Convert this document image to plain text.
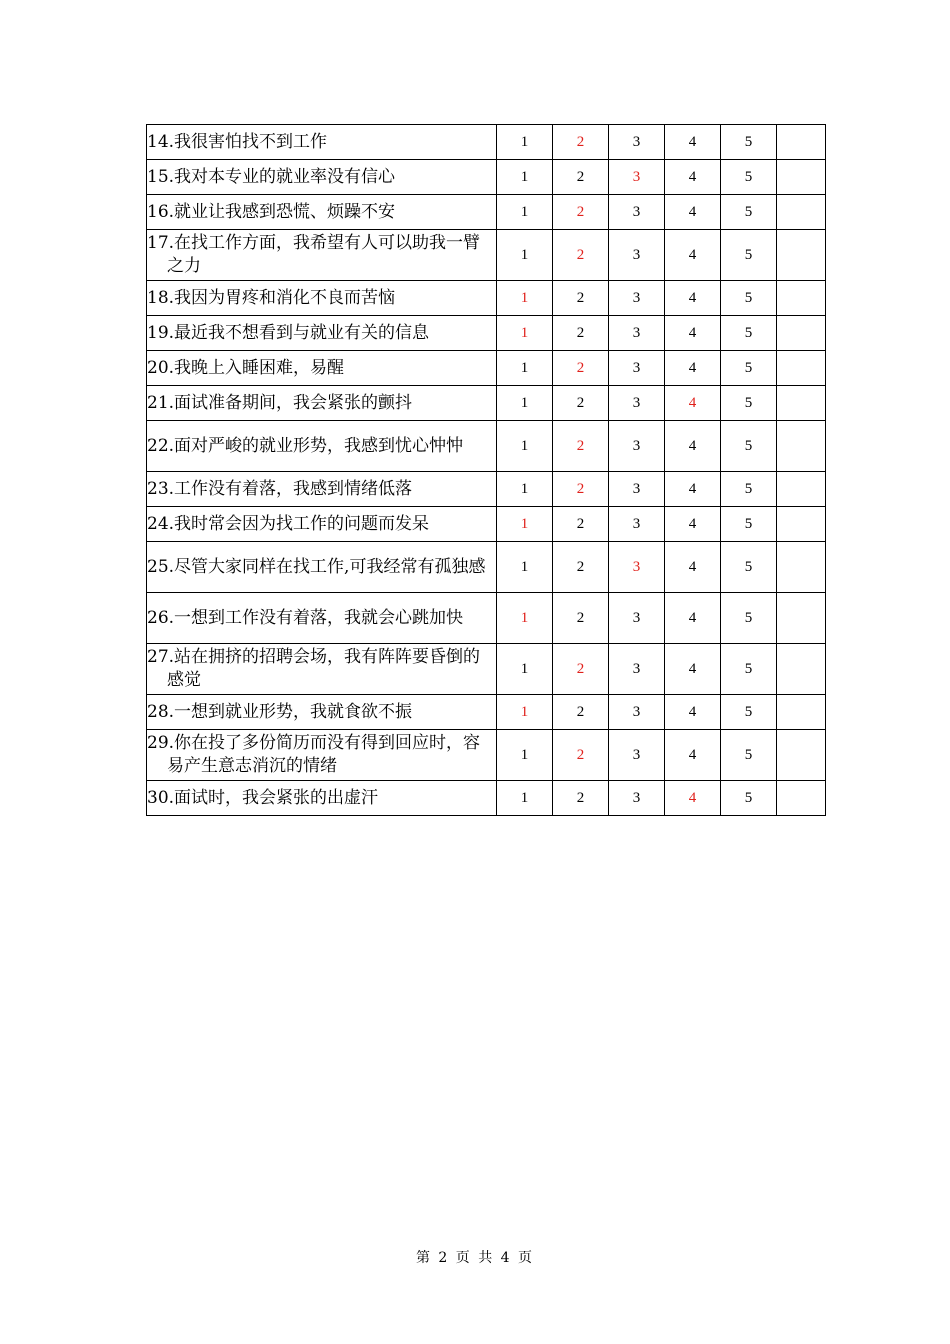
14.我很害怕找不到工作	1	2	3	4	5	

15.我对本专业的就业率没有信心	1	2	3	4	5	

16.就业让我感到恐慌、烦躁不安	1	2	3	4	5	

17.在找工作方面，我希望有人可以助我一臂之力	1	2	3	4	5	

18.我因为胃疼和消化不良而苦恼	1	2	3	4	5	

19.最近我不想看到与就业有关的信息	1	2	3	4	5	

20.我晚上入睡困难，易醒	1	2	3	4	5	

21.面试准备期间，我会紧张的颤抖	1	2	3	4	5	

22.面对严峻的就业形势，我感到忧心忡忡	1	2	3	4	5	

23.工作没有着落，我感到情绪低落	1	2	3	4	5	

24.我时常会因为找工作的问题而发呆	1	2	3	4	5	

25.尽管大家同样在找工作,可我经常有孤独感	1	2	3	4	5	

26.一想到工作没有着落，我就会心跳加快	1	2	3	4	5	

27.站在拥挤的招聘会场，我有阵阵要昏倒的感觉	1	2	3	4	5	

28.一想到就业形势，我就食欲不振	1	2	3	4	5	

29.你在投了多份简历而没有得到回应时，容易产生意志消沉的情绪	1	2	3	4	5	

30.面试时，我会紧张的出虚汗	1	2	3	4	5	
第 2 页 共 4 页
